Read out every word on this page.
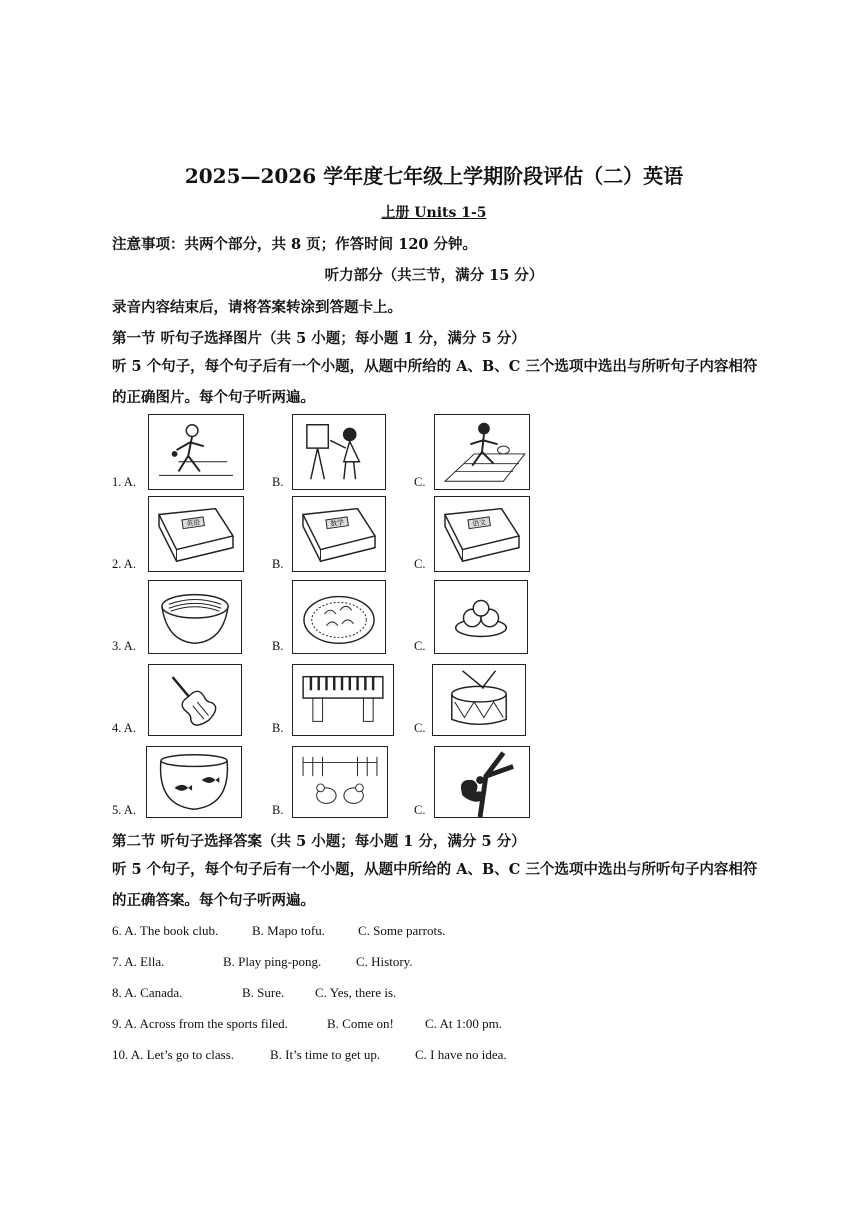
2025—2026 学年度七年级上学期阶段评估（二）英语
上册 Units 1-5
注意事项：共两个部分，共 8 页；作答时间 120 分钟。
听力部分（共三节，满分 15 分）
录音内容结束后，请将答案转涂到答题卡上。
第一节 听句子选择图片（共 5 小题；每小题 1 分，满分 5 分）
听 5 个句子，每个句子后有一个小题，从题中所给的 A、B、C 三个选项中选出与所听句子内容相符的正确图片。每个句子听两遍。
1. A.	B.	C.
2. A.
英语
B.
数学
C.
语文
3. A.	B.	C.
4. A.	B.	C.
5. A.	B.	C.
第二节 听句子选择答案（共 5 小题；每小题 1 分，满分 5 分）
听 5 个句子，每个句子后有一个小题，从题中所给的 A、B、C 三个选项中选出与所听句子内容相符的正确答案。每个句子听两遍。
6. A. The book club.	B. Mapo tofu.	C. Some parrots.
7. A. Ella.	B. Play ping-pong.	C. History.
8. A. Canada.	B. Sure. C. Yes, there is.
9. A. Across from the sports filed.	B. Come on! C. At 1:00 pm.
10. A. Let’s go to class.	B. It’s time to get up.	C. I have no idea.
